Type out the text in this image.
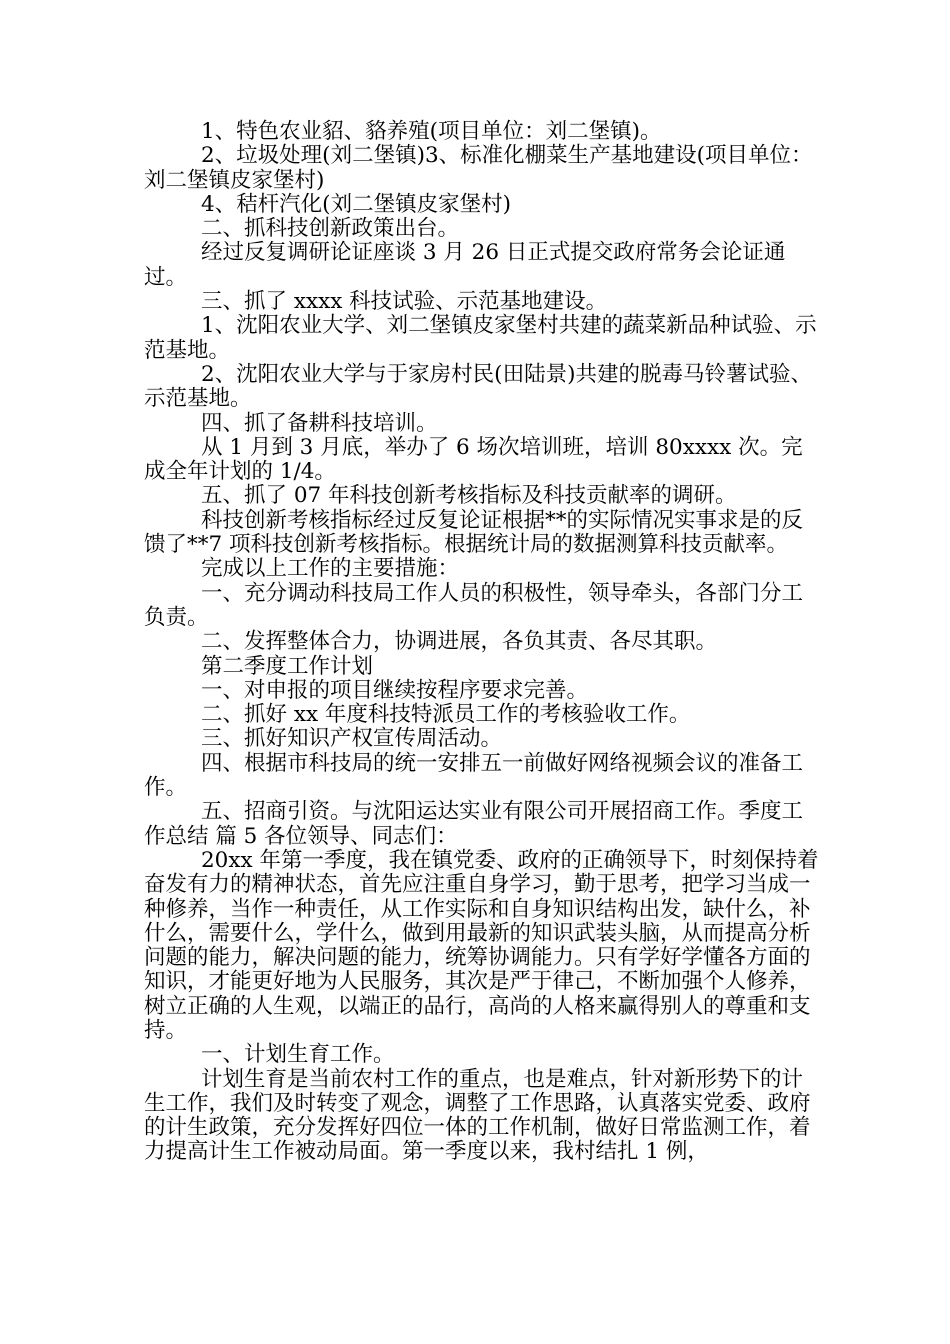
1、特色农业貂、貉养殖(项目单位：刘二堡镇)。

2、垃圾处理(刘二堡镇)3、标准化棚菜生产基地建设(项目单位：刘二堡镇皮家堡村)

4、秸杆汽化(刘二堡镇皮家堡村)

二、抓科技创新政策出台。

经过反复调研论证座谈 3 月 26 日正式提交政府常务会论证通过。

三、抓了 xxxx 科技试验、示范基地建设。

1、沈阳农业大学、刘二堡镇皮家堡村共建的蔬菜新品种试验、示范基地。

2、沈阳农业大学与于家房村民(田陆景)共建的脱毒马铃薯试验、示范基地。

四、抓了备耕科技培训。

从 1 月到 3 月底，举办了 6 场次培训班，培训 80xxxx 次。完成全年计划的 1/4。

五、抓了 07 年科技创新考核指标及科技贡献率的调研。

科技创新考核指标经过反复论证根据**的实际情况实事求是的反馈了**7 项科技创新考核指标。根据统计局的数据测算科技贡献率。

完成以上工作的主要措施：

一、充分调动科技局工作人员的积极性，领导牵头，各部门分工负责。

二、发挥整体合力，协调进展，各负其责、各尽其职。

第二季度工作计划

一、对申报的项目继续按程序要求完善。

二、抓好 xx 年度科技特派员工作的考核验收工作。

三、抓好知识产权宣传周活动。

四、根据市科技局的统一安排五一前做好网络视频会议的准备工作。

五、招商引资。与沈阳运达实业有限公司开展招商工作。季度工作总结 篇 5 各位领导、同志们：

20xx 年第一季度，我在镇党委、政府的正确领导下，时刻保持着奋发有力的精神状态，首先应注重自身学习，勤于思考，把学习当成一种修养，当作一种责任，从工作实际和自身知识结构出发，缺什么，补什么，需要什么，学什么，做到用最新的知识武装头脑，从而提高分析问题的能力，解决问题的能力，统筹协调能力。只有学好学懂各方面的知识，才能更好地为人民服务，其次是严于律己，不断加强个人修养，树立正确的人生观，以端正的品行，高尚的人格来赢得别人的尊重和支持。

一、计划生育工作。

计划生育是当前农村工作的重点，也是难点，针对新形势下的计生工作，我们及时转变了观念，调整了工作思路，认真落实党委、政府的计生政策，充分发挥好四位一体的工作机制，做好日常监测工作，着力提高计生工作被动局面。第一季度以来，我村结扎 1 例，
